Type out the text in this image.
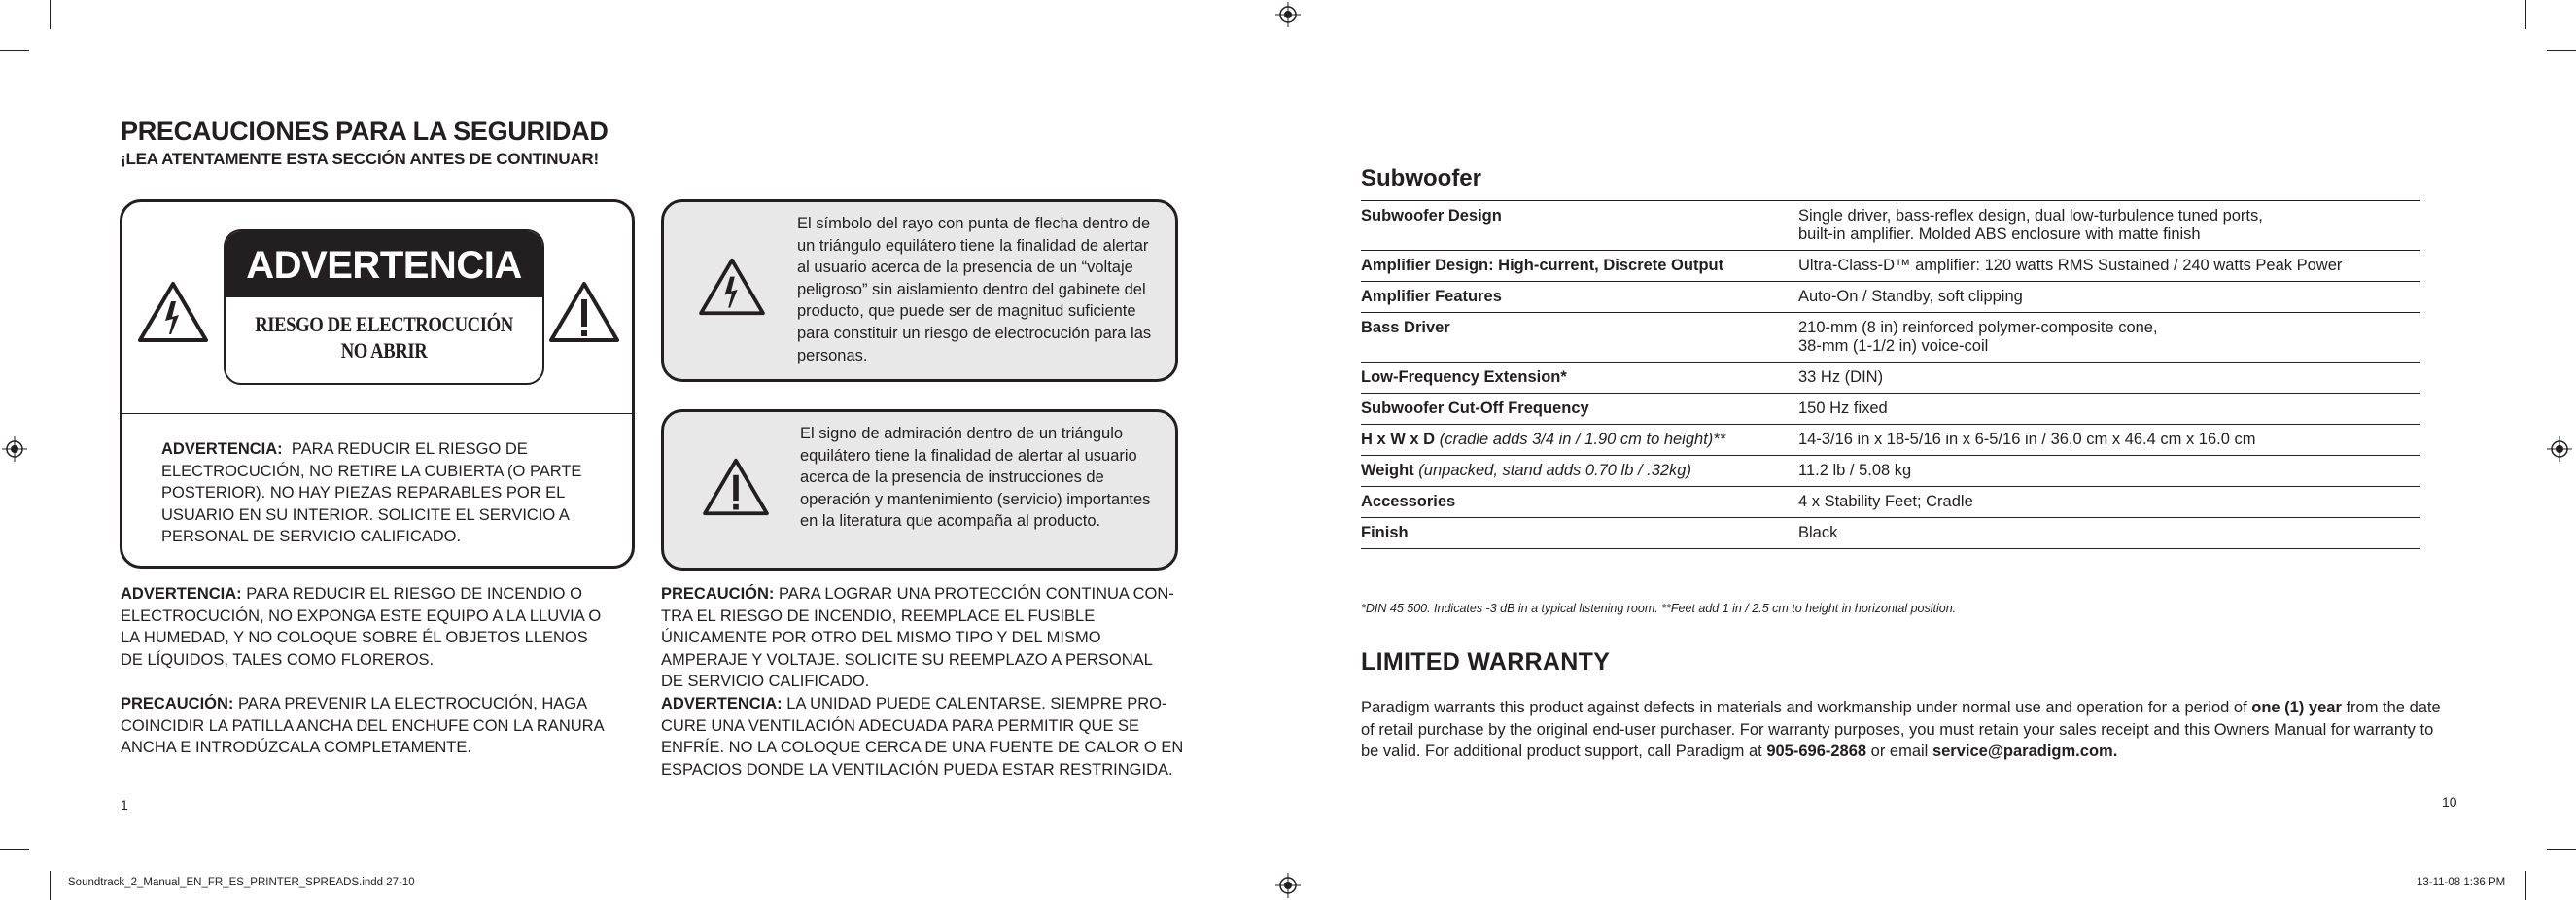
PRECAUCIONES PARA LA SEGURIDAD
¡LEA ATENTAMENTE ESTA SECCIÓN ANTES DE CONTINUAR!
ADVERTENCIA
RIESGO DE ELECTROCUCIÓN
NO ABRIR
ADVERTENCIA: PARA REDUCIR EL RIESGO DE ELECTROCUCIÓN, NO RETIRE LA CUBIERTA (O PARTE POSTERIOR). NO HAY PIEZAS REPARABLES POR EL USUARIO EN SU INTERIOR. SOLICITE EL SERVICIO A PERSONAL DE SERVICIO CALIFICADO.
El símbolo del rayo con punta de flecha dentro de un triángulo equilátero tiene la finalidad de alertar al usuario acerca de la presencia de un “voltaje peligroso” sin aislamiento dentro del gabinete del producto, que puede ser de magnitud suficiente para constituir un riesgo de electrocución para las personas.
El signo de admiración dentro de un triángulo equilátero tiene la finalidad de alertar al usuario acerca de la presencia de instrucciones de operación y mantenimiento (servicio) importantes en la literatura que acompaña al producto.
ADVERTENCIA: PARA REDUCIR EL RIESGO DE INCENDIO O ELECTROCUCIÓN, NO EXPONGA ESTE EQUIPO A LA LLUVIA O LA HUMEDAD, Y NO COLOQUE SOBRE ÉL OBJETOS LLENOS DE LÍQUIDOS, TALES COMO FLOREROS.
PRECAUCIÓN: PARA PREVENIR LA ELECTROCUCIÓN, HAGA COINCIDIR LA PATILLA ANCHA DEL ENCHUFE CON LA RANURA ANCHA E INTRODÚZCALA COMPLETAMENTE.
PRECAUCIÓN: PARA LOGRAR UNA PROTECCIÓN CONTINUA CON-TRA EL RIESGO DE INCENDIO, REEMPLACE EL FUSIBLE ÚNICAMENTE POR OTRO DEL MISMO TIPO Y DEL MISMO AMPERAJE Y VOLTAJE. SOLICITE SU REEMPLAZO A PERSONAL DE SERVICIO CALIFICADO.
ADVERTENCIA: LA UNIDAD PUEDE CALENTARSE. SIEMPRE PRO-CURE UNA VENTILACIÓN ADECUADA PARA PERMITIR QUE SE ENFRÍE. NO LA COLOQUE CERCA DE UNA FUENTE DE CALOR O EN ESPACIOS DONDE LA VENTILACIÓN PUEDA ESTAR RESTRINGIDA.
1
Subwoofer
Subwoofer Design	Single driver, bass-reflex design, dual low-turbulence tuned ports,
built-in amplifier. Molded ABS enclosure with matte finish

Amplifier Design: High-current, Discrete Output	Ultra-Class-D™ amplifier: 120 watts RMS Sustained / 240 watts Peak Power

Amplifier Features	Auto-On / Standby, soft clipping

Bass Driver	210-mm (8 in) reinforced polymer-composite cone,
38-mm (1-1/2 in) voice-coil

Low-Frequency Extension*	33 Hz (DIN)

Subwoofer Cut-Off Frequency	150 Hz fixed

H x W x D (cradle adds 3/4 in / 1.90 cm to height)**	14-3/16 in x 18-5/16 in x 6-5/16 in / 36.0 cm x 46.4 cm x 16.0 cm

Weight (unpacked, stand adds 0.70 lb / .32kg)	11.2 lb / 5.08 kg

Accessories	4 x Stability Feet; Cradle

Finish	Black
*DIN 45 500. Indicates -3 dB in a typical listening room. **Feet add 1 in / 2.5 cm to height in horizontal position.
LIMITED WARRANTY
Paradigm warrants this product against defects in materials and workmanship under normal use and operation for a period of one (1) year from the date of retail purchase by the original end-user purchaser. For warranty purposes, you must retain your sales receipt and this Owners Manual for warranty to be valid. For additional product support, call Paradigm at 905-696-2868 or email service@paradigm.com.
10
Soundtrack_2_Manual_EN_FR_ES_PRINTER_SPREADS.indd 27-10	13-11-08 1:36 PM
